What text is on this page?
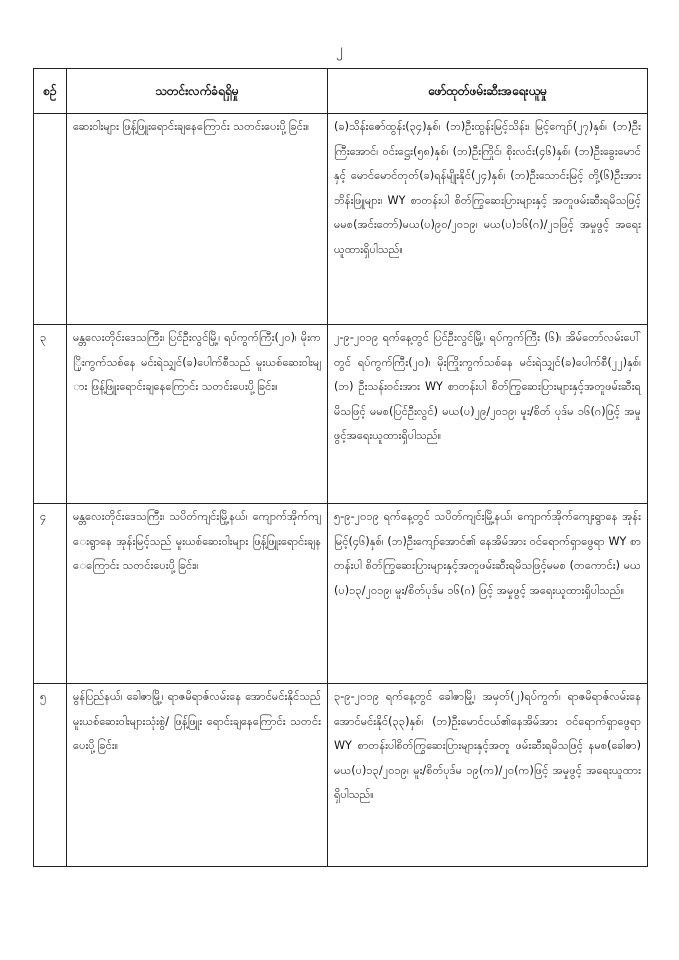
၂
စဉ်	သတင်းလက်ခံရရှိမှု	ဖော်ထုတ်ဖမ်းဆီးအရေးယူမှု
	ဆေးဝါးများ ဖြန့်ဖြူးရောင်းချနေကြောင်း သတင်းပေးပို့ခြင်း။	(ခ)သိန်းဇော်ထွန်း(၃၄)နှစ်၊ (ဘ)ဦးထွန်းမြင့်သိန်း၊ မြင့်ကျော်(၂၇)နှစ်၊ (ဘ)ဦးကြီးအောင်၊ ဝင်းဋ္ဌေး(၅၈)နှစ်၊ (ဘ)ဦးကြိုင်၊ စိုးလင်း(၄၆)နှစ်၊ (ဘ)ဦးခွေးမောင်နှင့် မောင်မောင်တုတ်(ခ)ရန်မျိုးနိုင်(၂၄)နှစ်၊ (ဘ)ဦးသောင်းမြင့် တို့(၆)ဦးအား ဘိန်းဖြူများ၊ WY စာတန်းပါ စိတ်ကြွဆေးပြားများနှင့် အတူဖမ်းဆီးရမိသဖြင့် မမစ(အင်းတော်)မယ(ပ)၉၀/၂၀၁၉၊ မယ(ပ)၁၆(ဂ)/၂၁ဖြင့် အမှုဖွင့် အရေးယူထားရှိပါသည်။
၃	မန္တလေးတိုင်းဒေသကြီး၊ ပြင်ဦးလွင်မြို့၊ ရပ်ကွက်ကြီး(၂၀)၊ မိုးကြိုးကွက်သစ်နေ မင်းရဲသျှင်(ခ)ပေါက်စီသည် မူးယစ်ဆေးဝါးများ ဖြန့်ဖြူးရောင်းချနေကြောင်း သတင်းပေးပို့ခြင်း။	၂-၉-၂၀၁၉ ရက်နေ့တွင် ပြင်ဦးလွင်မြို့၊ ရပ်ကွက်ကြီး (၆)၊ အိမ်တော်လမ်းပေါ်တွင် ရပ်ကွက်ကြီး(၂၀)၊ မိုးကြိုးကွက်သစ်နေ မင်းရဲသျှင်(ခ)ပေါက်စီ(၂၂)နှစ်၊(ဘ) ဦးသန်းဝင်းအား WY စာတန်းပါ စိတ်ကြွဆေးပြားများနှင့်အတူဖမ်းဆီးရမိသဖြင့် မမစ(ပြင်ဦးလွင်) မယ(ပ)၂၉/၂၀၁၉၊ မူး/စိတ် ပုဒ်မ ၁၆(ဂ)ဖြင့် အမှုဖွင့်အရေးယူထားရှိပါသည်။
၄	မန္တလေးတိုင်းဒေသကြီး၊ သပိတ်ကျင်းမြို့နယ်၊ ကျောက်အိုက်ကျေးရွာနေ အုန်းမြင့်သည် မူးယစ်ဆေးဝါးများ ဖြန့်ဖြူးရောင်းချနေကြောင်း သတင်းပေးပို့ခြင်း။	၅-၉-၂၀၁၉ ရက်နေ့တွင် သပိတ်ကျင်းမြို့နယ်၊ ကျောက်အိုက်ကျေးရွာနေ အုန်းမြင့်(၄၆)နှစ်၊ (ဘ)ဦးကျော်အောင်၏ နေအိမ်အား ဝင်ရောက်ရှာဖွေရာ WY စာတန်းပါ စိတ်ကြွဆေးပြားများနှင့်အတူဖမ်းဆီးရမိသဖြင့်မမစ (တကောင်း) မယ(ပ)၁၃/၂၀၁၉၊ မူး/စိတ်ပုဒ်မ ၁၆(ဂ) ဖြင့် အမှုဖွင့် အရေးယူထားရှိပါသည်။
၅	မွန်ပြည်နယ်၊ ခေါဇာမြို့၊ ရာဇမိရာဇ်လမ်းနေ အောင်မင်းနိုင်သည် မူးယစ်ဆေးဝါးများသုံးစွဲ/ ဖြန့်ဖြူး ရောင်းချနေကြောင်း သတင်းပေးပို့ခြင်း။	၃-၉-၂၀၁၉ ရက်နေ့တွင် ခေါဇာမြို့၊ အမှတ်(၂)ရပ်ကွက်၊ ရာဇမိရာဇ်လမ်းနေ အောင်မင်းနိုင်(၃၃)နှစ်၊ (ဘ)ဦးမောင်ငယ်၏နေအိမ်အား ဝင်ရောက်ရှာဖွေရာ WY စာတန်းပါစိတ်ကြွဆေးပြားများနှင့်အတူ ဖမ်းဆီးရမိသဖြင့် နမစ(ခေါဇာ) မယ(ပ)၁၃/၂၀၁၉၊ မူး/စိတ်ပုဒ်မ ၁၉(က)/၂၀(က)ဖြင့် အမှုဖွင့် အရေးယူထားရှိပါသည်။
